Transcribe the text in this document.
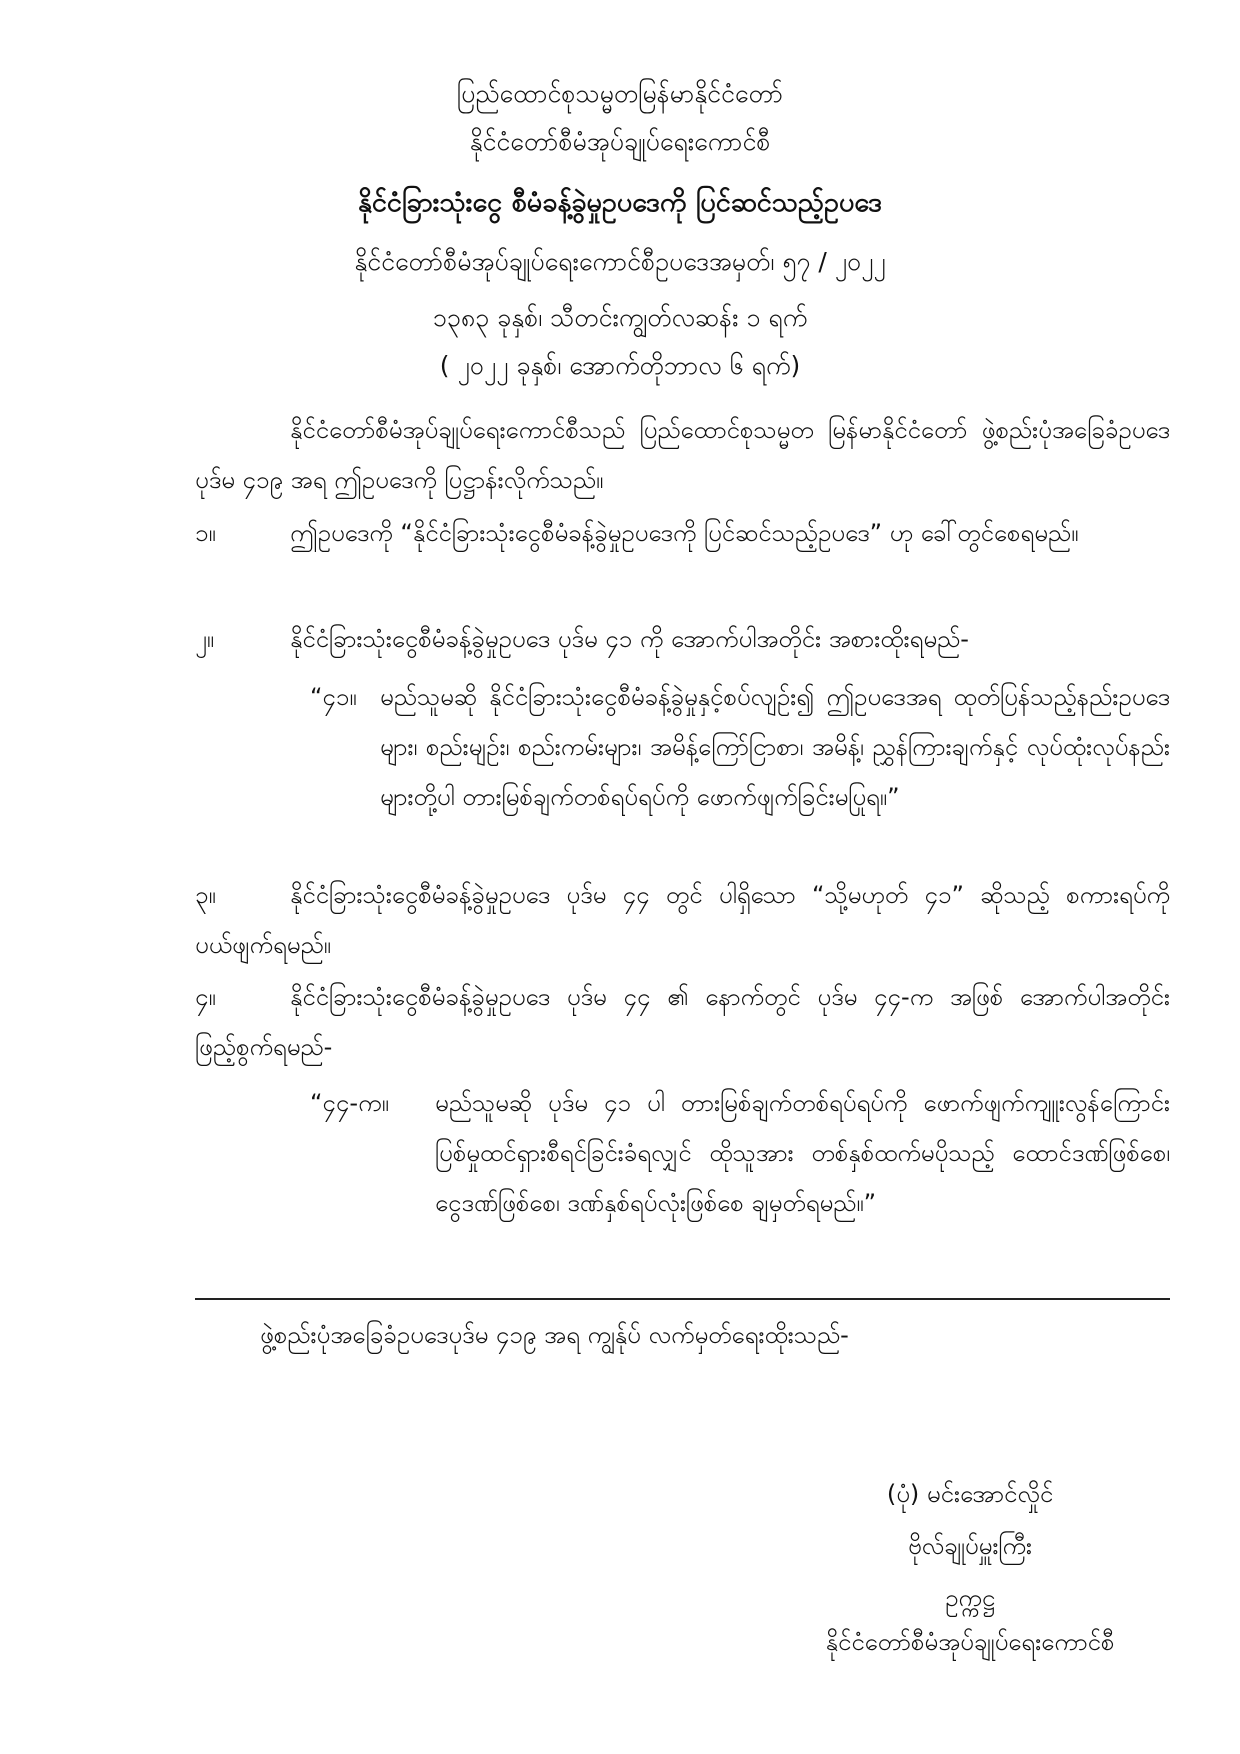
ပြည်ထောင်စုသမ္မတမြန်မာနိုင်ငံတော်
နိုင်ငံတော်စီမံအုပ်ချုပ်ရေးကောင်စီ
နိုင်ငံခြားသုံးငွေ စီမံခန့်ခွဲမှုဥပဒေကို ပြင်ဆင်သည့်ဥပဒေ
နိုင်ငံတော်စီမံအုပ်ချုပ်ရေးကောင်စီဥပဒေအမှတ်၊ ၅၇ / ၂၀၂၂
၁၃၈၃ ခုနှစ်၊ သီတင်းကျွတ်လဆန်း ၁ ရက်
( ၂၀၂၂ ခုနှစ်၊ အောက်တိုဘာလ ၆ ရက်)
နိုင်ငံတော်စီမံအုပ်ချုပ်ရေးကောင်စီသည် ပြည်ထောင်စုသမ္မတ မြန်မာနိုင်ငံတော် ဖွဲ့စည်းပုံအခြေခံဥပဒေပုဒ်မ ၄၁၉ အရ ဤဥပဒေကို ပြဋ္ဌာန်းလိုက်သည်။
၁။	ဤဥပဒေကို “နိုင်ငံခြားသုံးငွေစီမံခန့်ခွဲမှုဥပဒေကို ပြင်ဆင်သည့်ဥပဒေ” ဟု ခေါ်တွင်စေရမည်။
၂။	နိုင်ငံခြားသုံးငွေစီမံခန့်ခွဲမှုဥပဒေ ပုဒ်မ ၄၁ ကို အောက်ပါအတိုင်း အစားထိုးရမည်-
“၄၁။ မည်သူမဆို နိုင်ငံခြားသုံးငွေစီမံခန့်ခွဲမှုနှင့်စပ်လျဉ်း၍ ဤဥပဒေအရ ထုတ်ပြန်သည့်နည်းဥပဒေများ၊ စည်းမျဉ်း၊ စည်းကမ်းများ၊ အမိန့်ကြော်ငြာစာ၊ အမိန့်၊ ညွှန်ကြားချက်နှင့် လုပ်ထုံးလုပ်နည်းများတို့ပါ တားမြစ်ချက်တစ်ရပ်ရပ်ကို ဖောက်ဖျက်ခြင်းမပြုရ။”
၃။	နိုင်ငံခြားသုံးငွေစီမံခန့်ခွဲမှုဥပဒေ ပုဒ်မ ၄၄ တွင် ပါရှိသော “သို့မဟုတ် ၄၁” ဆိုသည့် စကားရပ်ကို ပယ်ဖျက်ရမည်။
၄။	နိုင်ငံခြားသုံးငွေစီမံခန့်ခွဲမှုဥပဒေ ပုဒ်မ ၄၄ ၏ နောက်တွင် ပုဒ်မ ၄၄-က အဖြစ် အောက်ပါအတိုင်း ဖြည့်စွက်ရမည်-
“၄၄-က။ မည်သူမဆို ပုဒ်မ ၄၁ ပါ တားမြစ်ချက်တစ်ရပ်ရပ်ကို ဖောက်ဖျက်ကျူးလွန်ကြောင်း ပြစ်မှုထင်ရှားစီရင်ခြင်းခံရလျှင် ထိုသူအား တစ်နှစ်ထက်မပိုသည့် ထောင်ဒဏ်ဖြစ်စေ၊ ငွေဒဏ်ဖြစ်စေ၊ ဒဏ်နှစ်ရပ်လုံးဖြစ်စေ ချမှတ်ရမည်။”
ဖွဲ့စည်းပုံအခြေခံဥပဒေပုဒ်မ ၄၁၉ အရ ကျွန်ုပ် လက်မှတ်ရေးထိုးသည်-
(ပုံ) မင်းအောင်လှိုင်
ဗိုလ်ချုပ်မှူးကြီး
ဥက္ကဋ္ဌ
နိုင်ငံတော်စီမံအုပ်ချုပ်ရေးကောင်စီ
